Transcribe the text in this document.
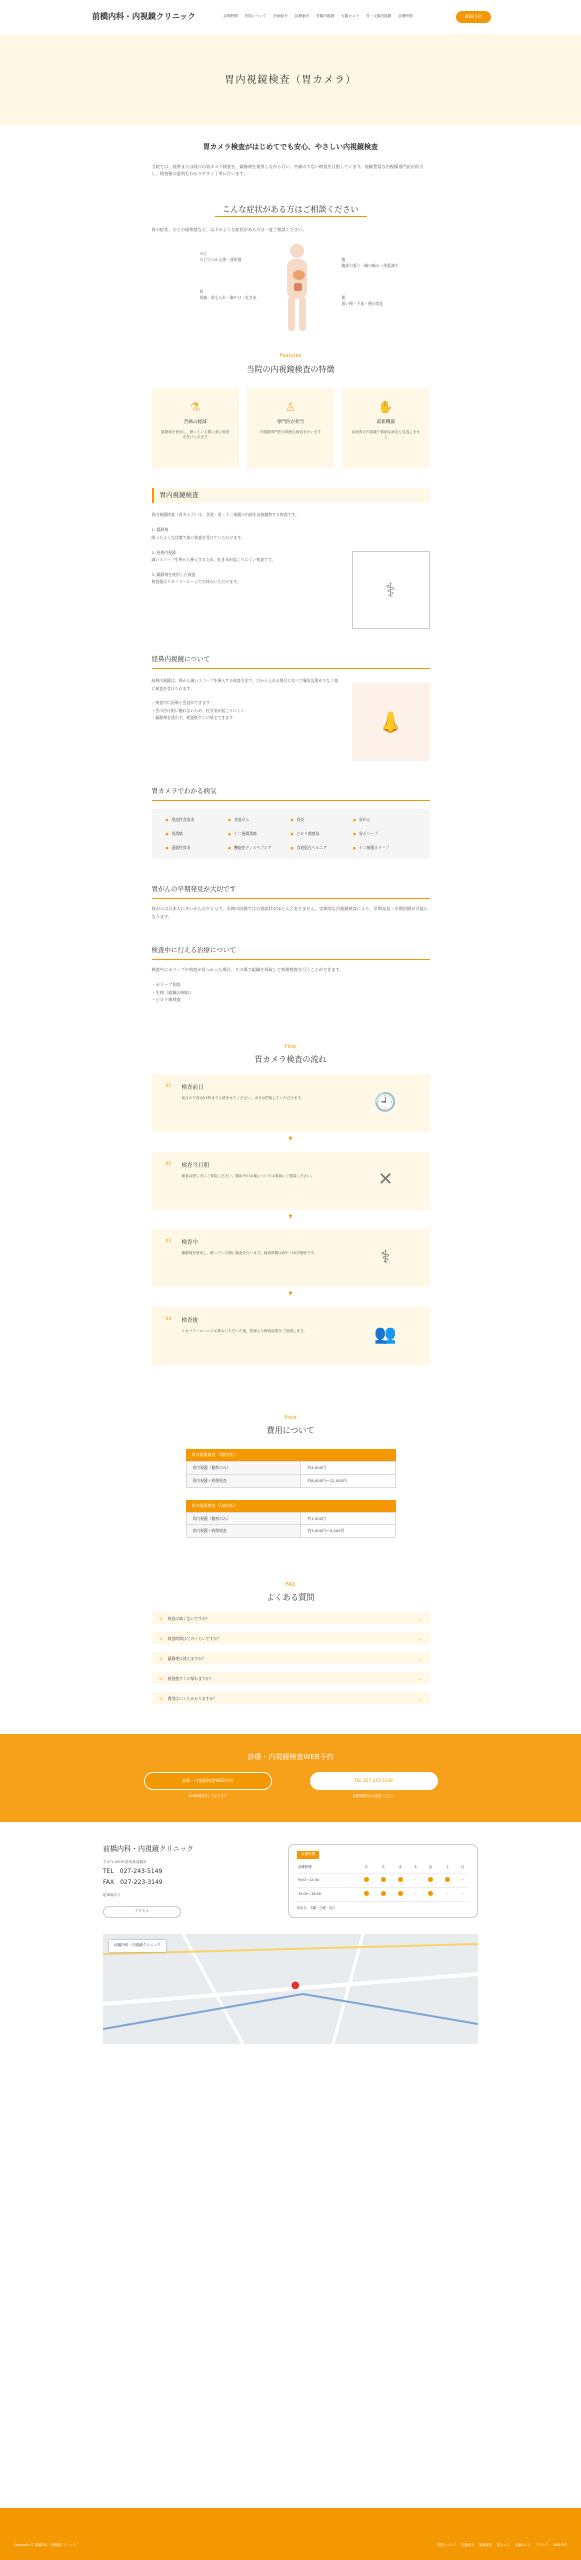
前橋内科・内視鏡クリニック	診療時間 医院について 医師紹介 診療案内 胃腸内視鏡 大腸カメラ 胃・大腸内視鏡 診療時間	WEB予約
胃内視鏡検査（胃カメラ）
胃カメラ検査がはじめてでも安心、やさしい内視鏡検査
当院では、経鼻または経口の胃カメラ検査を、鎮静剤を使用しながら行い、苦痛の少ない検査を目指しています。経験豊富な内視鏡専門医が担当し、検査後の説明もわかりやすく丁寧に行います。
こんな症状がある方はご相談ください
胃の症状、のどの違和感など、以下のような症状がある方は一度ご相談ください。
のど
のどのつかえ感・違和感
胃
胃痛・胃もたれ・胸やけ・吐き気
腹
腹部の張り・胸の痛み・体重減少
便
黒い便・下血・便の変化
Features
当院の内視鏡検査の特徴
⚗
苦痛の軽減
鎮静剤を使用し、眠っている間に楽に検査を受けられます
♙
専門医が担当
内視鏡専門医が精密な検査を行います
✋
最新機器
高画質の内視鏡で微細な病変も見逃しません
胃内視鏡検査
胃内視鏡検査（胃カメラ）は、食道・胃・十二指腸の内部を直接観察する検査です。

1. 鎮静剤
眠ったような状態で楽に検査を受けていただけます。

2. 経鼻内視鏡
細いスコープを鼻から挿入するため、吐き気が起こりにくい検査です。

3. 鎮静剤を使用した検査
検査後はリカバリールームでお休みいただけます。	⚕
経鼻内視鏡について
経鼻内視鏡は、鼻から細いスコープを挿入する検査方法で、口から入れる場合に比べて嘔吐反射が少なく楽に検査を受けられます。

・検査中に医師と会話ができます
・舌の付け根に触れないため、吐き気が起こりにくい
・鎮静剤を使わず、検査後すぐに帰宅できます	👃
胃カメラでわかる病気
● 逆流性食道炎	● 食道がん	● 胃炎	● 胃がん
● 胃潰瘍	● 十二指腸潰瘍	● ピロリ菌感染	● 胃ポリープ
● 萎縮性胃炎	● 機能性ディスペプシア	● 食道裂孔ヘルニア	● 十二指腸ポリープ
胃がんの早期発見が大切です
胃がんは日本人に多いがんのひとつで、早期の段階では自覚症状がほとんどありません。定期的な内視鏡検査により、早期発見・早期治療が可能になります。
検査中に行える治療について
検査中にポリープや病変が見つかった場合、その場で組織を採取して病理検査を行うことができます。

・ポリープ切除
・生検（組織の採取）
・ピロリ菌検査
Flow
胃カメラ検査の流れ
01 検査前日
前日の夕食は21時までに済ませてください。水分は摂取していただけます。	🕘
▼
02 検査当日朝
朝食は摂らずにご来院ください。服用中のお薬については事前にご相談ください。	✕
▼
03 検査中
鎮静剤を使用し、眠っている間に検査を行います。検査時間は約5〜10分程度です。	⚕
▼
04 検査後
リカバリールームでお休みいただいた後、医師より検査結果をご説明します。	👥
Price
費用について
胃内視鏡検査（3割負担）
胃内視鏡（観察のみ）	約4,000円
胃内視鏡＋病理検査	約8,000円〜12,000円
胃内視鏡検査（1割負担）
胃内視鏡（観察のみ）	約1,500円
胃内視鏡＋病理検査	約3,000円〜4,000円
FAQ
よくある質問
Q. 検査は痛くないですか？	⌄
Q. 検査時間はどのくらいですか？	⌄
Q. 鎮静剤は使えますか？	⌄
Q. 検査後すぐに帰れますか？	⌄
Q. 費用はいくらかかりますか？	⌄
診療・内視鏡検査WEB予約
診療・内視鏡検査WEB予約	TEL 027-243-5149
※24時間受付しております	診療時間内にお電話ください
前橋内科・内視鏡クリニック
〒371-0000 群馬県前橋市
TEL　027-243-5149
FAX　027-223-3149
駐車場あり
アクセス
診療時間
診療時間	月	火	水	木	金	土	日
9:00〜12:30				－			－
15:00〜18:00				－		－	－
休診日：木曜・日曜・祝日
前橋内科・内視鏡クリニック
●
Copyright © 前橋内科・内視鏡クリニック	医院について 医師紹介 診療案内 胃カメラ 大腸カメラ アクセス WEB予約
